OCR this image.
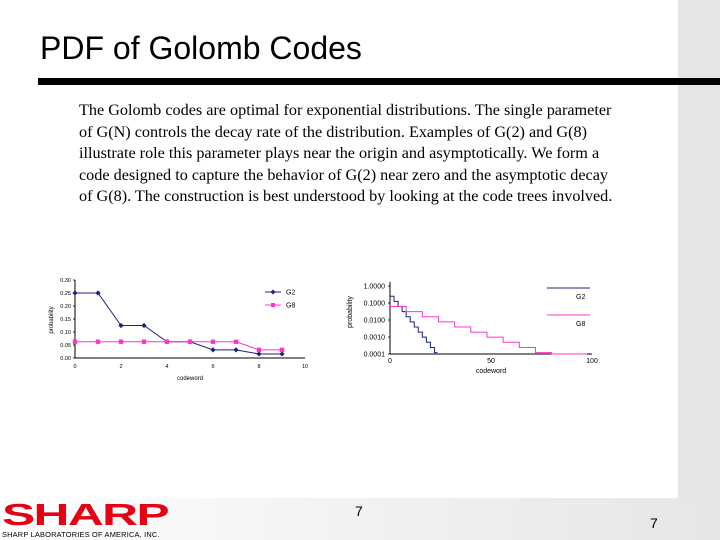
PDF of Golomb Codes

The Golomb codes are optimal for exponential distributions. The single parameter of G(N) controls the decay rate of the distribution. Examples of G(2) and G(8) illustrate role this parameter plays near the origin and asymptotically. We form a code designed to capture the behavior of G(2) near zero and the asymptotic decay of G(8). The construction is best understood by looking at the code trees involved.

0.00
0.05
0.10
0.15
0.20
0.25
0.30
0	2	4	6	8	10
G2
G8
probability
codeword
1.0000
0.1000
0.0100
0.0010
0.0001
0	50	100
G2
G8
probability
codeword
SHARP
SHARP LABORATORIES OF AMERICA, INC.
7
7
